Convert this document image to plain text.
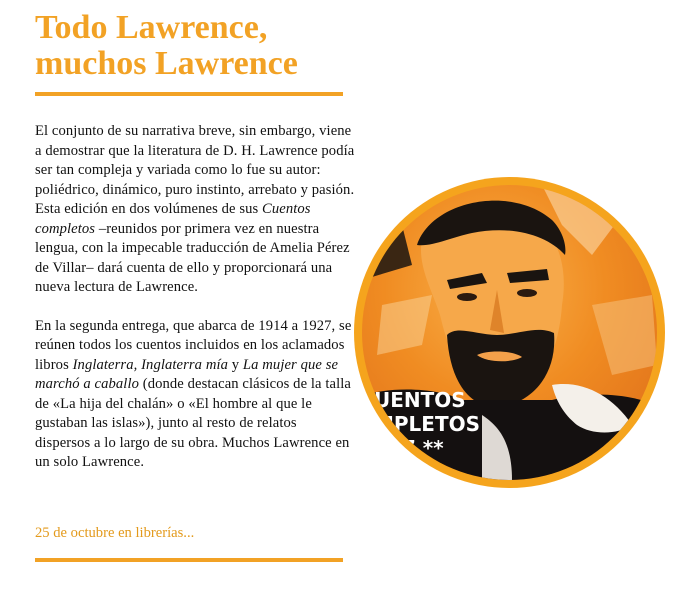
Todo Lawrence,
muchos Lawrence

El conjunto de su narrativa breve, sin embargo, viene a demostrar que la literatura de D. H. Lawrence podía ser tan compleja y variada como lo fue su autor: poliédrico, dinámico, puro instinto, arrebato y pasión.

Esta edición en dos volúmenes de sus Cuentos completos –reunidos por primera vez en nuestra lengua, con la impecable traducción de Amelia Pérez de Villar– dará cuenta de ello y proporcionará una nueva lectura de Lawrence.

En la segunda entrega, que abarca de 1914 a 1927, se reúnen todos los cuentos incluidos en los aclamados libros Inglaterra, Inglaterra mía y La mujer que se marchó a caballo (donde destacan clásicos de la talla de «La hija del chalán» o «El hombre al que le gustaban las islas»), junto al resto de relatos dispersos a lo largo de su obra. Muchos Lawrence en un solo Lawrence.

25 de octubre en librerías...
UENTOS
MPLETOS
927 **
